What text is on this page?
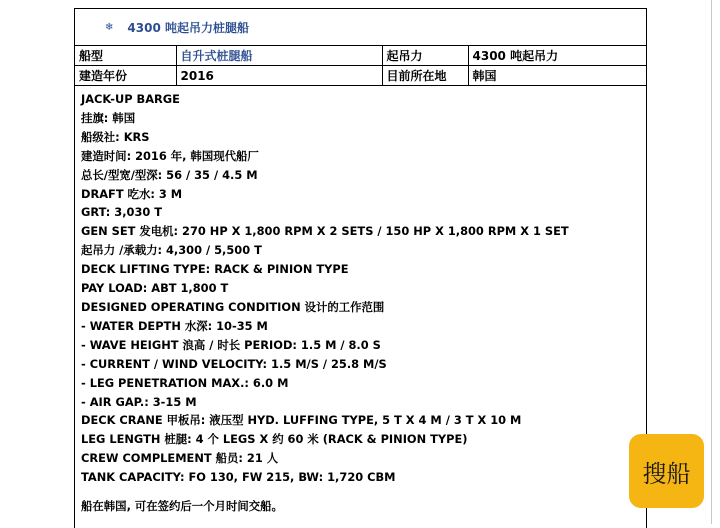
❄ 4300 吨起吊力桩腿船
船型	自升式桩腿船	起吊力	4300 吨起吊力
建造年份	2016	目前所在地	韩国
JACK-UP BARGE
挂旗: 韩国
船级社: KRS
建造时间: 2016 年, 韩国现代船厂
总长/型宽/型深: 56 / 35 / 4.5 M
DRAFT 吃水: 3 M
GRT: 3,030 T
GEN SET 发电机: 270 HP X 1,800 RPM X 2 SETS / 150 HP X 1,800 RPM X 1 SET
起吊力 /承载力: 4,300 / 5,500 T
DECK LIFTING TYPE: RACK & PINION TYPE
PAY LOAD: ABT 1,800 T
DESIGNED OPERATING CONDITION 设计的工作范围
- WATER DEPTH 水深: 10-35 M
- WAVE HEIGHT 浪高 / 时长 PERIOD: 1.5 M / 8.0 S
- CURRENT / WIND VELOCITY: 1.5 M/S / 25.8 M/S
- LEG PENETRATION MAX.: 6.0 M
- AIR GAP.: 3-15 M
DECK CRANE 甲板吊: 液压型 HYD. LUFFING TYPE, 5 T X 4 M / 3 T X 10 M
LEG LENGTH 桩腿: 4 个 LEGS X 约 60 米 (RACK & PINION TYPE)
CREW COMPLEMENT 船员: 21 人
TANK CAPACITY: FO 130, FW 215, BW: 1,720 CBM
船在韩国, 可在签约后一个月时间交船。
搜船
